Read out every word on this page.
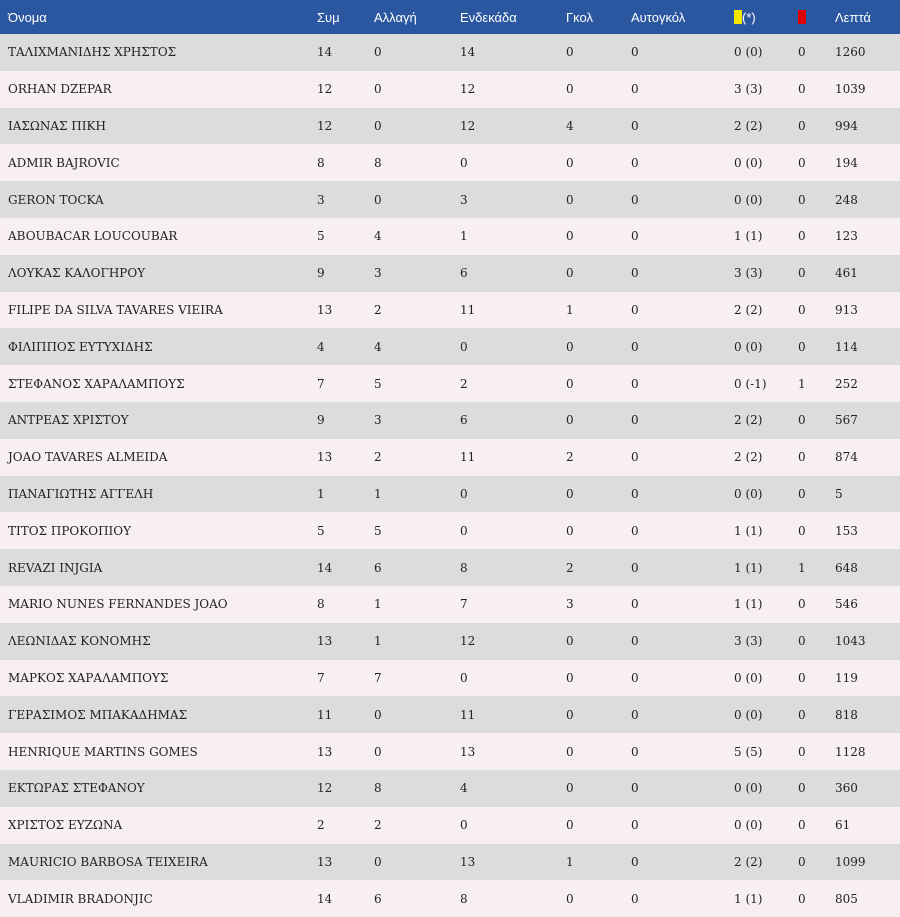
Όνομα	Συμ	Αλλαγή	Ενδεκάδα	Γκολ	Αυτογκόλ	(*)		Λεπτά
ΤΑΛΙΧΜΑΝΙΔΗΣ ΧΡΗΣΤΟΣ	14	0	14	0	0	0 (0)	0	1260
ORHAN DZEPAR	12	0	12	0	0	3 (3)	0	1039
ΙΑΣΩΝΑΣ ΠΙΚΗ	12	0	12	4	0	2 (2)	0	994
ADMIR BAJROVIC	8	8	0	0	0	0 (0)	0	194
GERON TOCKA	3	0	3	0	0	0 (0)	0	248
ABOUBACAR LOUCOUBAR	5	4	1	0	0	1 (1)	0	123
ΛΟΥΚΑΣ ΚΑΛΟΓΗΡΟΥ	9	3	6	0	0	3 (3)	0	461
FILIPE DA SILVA TAVARES VIEIRA	13	2	11	1	0	2 (2)	0	913
ΦΙΛΙΠΠΟΣ ΕΥΤΥΧΙΔΗΣ	4	4	0	0	0	0 (0)	0	114
ΣΤΕΦΑΝΟΣ ΧΑΡΑΛΑΜΠΟΥΣ	7	5	2	0	0	0 (-1)	1	252
ΑΝΤΡΕΑΣ ΧΡΙΣΤΟΥ	9	3	6	0	0	2 (2)	0	567
JOAO TAVARES ALMEIDA	13	2	11	2	0	2 (2)	0	874
ΠΑΝΑΓΙΩΤΗΣ ΑΓΓΕΛΗ	1	1	0	0	0	0 (0)	0	5
ΤΙΤΟΣ ΠΡΟΚΟΠΙΟΥ	5	5	0	0	0	1 (1)	0	153
REVAZI INJGIA	14	6	8	2	0	1 (1)	1	648
MARIO NUNES FERNANDES JOAO	8	1	7	3	0	1 (1)	0	546
ΛΕΩΝΙΔΑΣ ΚΟΝΟΜΗΣ	13	1	12	0	0	3 (3)	0	1043
ΜΑΡΚΟΣ ΧΑΡΑΛΑΜΠΟΥΣ	7	7	0	0	0	0 (0)	0	119
ΓΕΡΑΣΙΜΟΣ ΜΠΑΚΑΔΗΜΑΣ	11	0	11	0	0	0 (0)	0	818
HENRIQUE MARTINS GOMES	13	0	13	0	0	5 (5)	0	1128
ΕΚΤΩΡΑΣ ΣΤΕΦΑΝΟΥ	12	8	4	0	0	0 (0)	0	360
ΧΡΙΣΤΟΣ ΕΥΖΩΝΑ	2	2	0	0	0	0 (0)	0	61
MAURICIO BARBOSA TEIXEIRA	13	0	13	1	0	2 (2)	0	1099
VLADIMIR BRADONJIC	14	6	8	0	0	1 (1)	0	805
